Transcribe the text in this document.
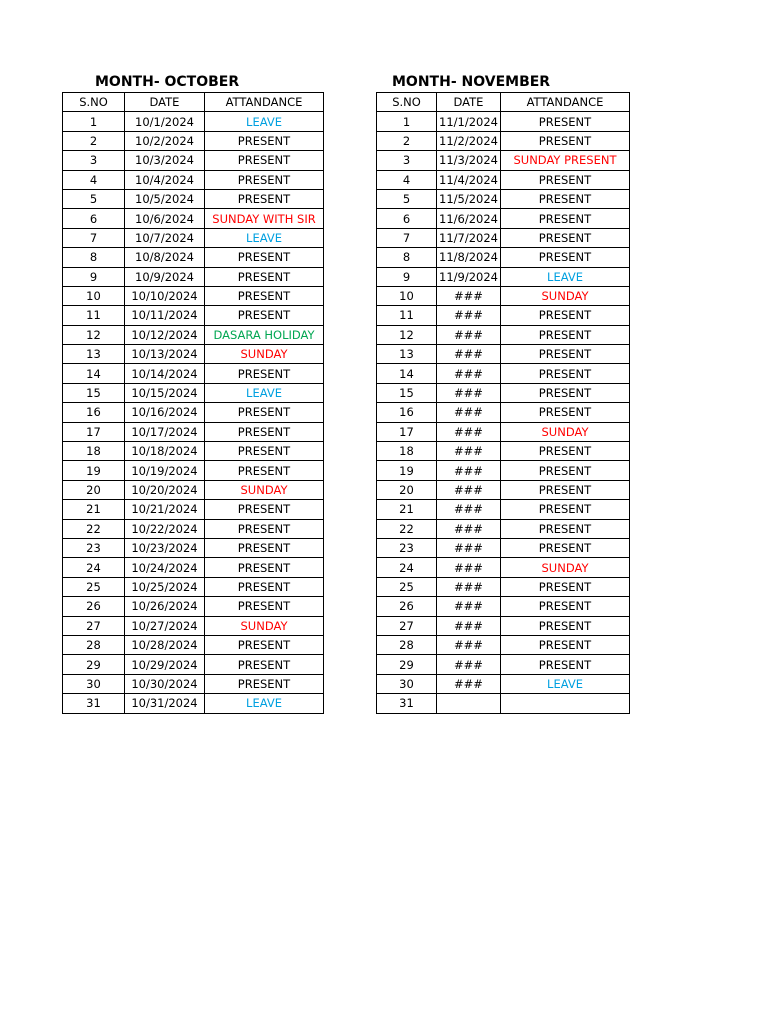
MONTH- OCTOBER
S.NO	DATE	ATTANDANCE
1	10/1/2024	LEAVE
2	10/2/2024	PRESENT
3	10/3/2024	PRESENT
4	10/4/2024	PRESENT
5	10/5/2024	PRESENT
6	10/6/2024	SUNDAY WITH SIR
7	10/7/2024	LEAVE
8	10/8/2024	PRESENT
9	10/9/2024	PRESENT
10	10/10/2024	PRESENT
11	10/11/2024	PRESENT
12	10/12/2024	DASARA HOLIDAY
13	10/13/2024	SUNDAY
14	10/14/2024	PRESENT
15	10/15/2024	LEAVE
16	10/16/2024	PRESENT
17	10/17/2024	PRESENT
18	10/18/2024	PRESENT
19	10/19/2024	PRESENT
20	10/20/2024	SUNDAY
21	10/21/2024	PRESENT
22	10/22/2024	PRESENT
23	10/23/2024	PRESENT
24	10/24/2024	PRESENT
25	10/25/2024	PRESENT
26	10/26/2024	PRESENT
27	10/27/2024	SUNDAY
28	10/28/2024	PRESENT
29	10/29/2024	PRESENT
30	10/30/2024	PRESENT
31	10/31/2024	LEAVE
MONTH- NOVEMBER
S.NO	DATE	ATTANDANCE
1	11/1/2024	PRESENT
2	11/2/2024	PRESENT
3	11/3/2024	SUNDAY PRESENT
4	11/4/2024	PRESENT
5	11/5/2024	PRESENT
6	11/6/2024	PRESENT
7	11/7/2024	PRESENT
8	11/8/2024	PRESENT
9	11/9/2024	LEAVE
10	###	SUNDAY
11	###	PRESENT
12	###	PRESENT
13	###	PRESENT
14	###	PRESENT
15	###	PRESENT
16	###	PRESENT
17	###	SUNDAY
18	###	PRESENT
19	###	PRESENT
20	###	PRESENT
21	###	PRESENT
22	###	PRESENT
23	###	PRESENT
24	###	SUNDAY
25	###	PRESENT
26	###	PRESENT
27	###	PRESENT
28	###	PRESENT
29	###	PRESENT
30	###	LEAVE
31		
